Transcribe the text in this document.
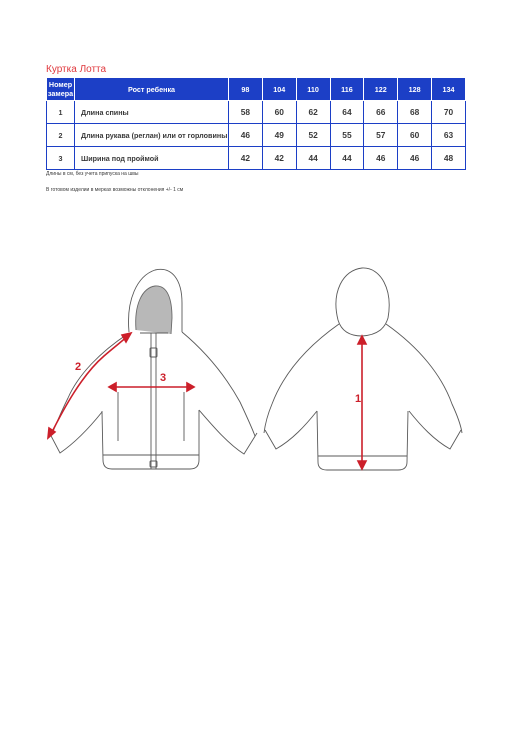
Куртка Лотта
Номер замера	Рост ребенка	98	104	110	116	122	128	134
1	Длина спины	58	60	62	64	66	68	70
2	Длина рукава (реглан) или от горловины	46	49	52	55	57	60	63
3	Ширина под проймой	42	42	44	44	46	46	48
Длины в см, без учета припуска на швы
В готовом изделии в мерках возможны отклонения +/- 1 см
2
3
1
